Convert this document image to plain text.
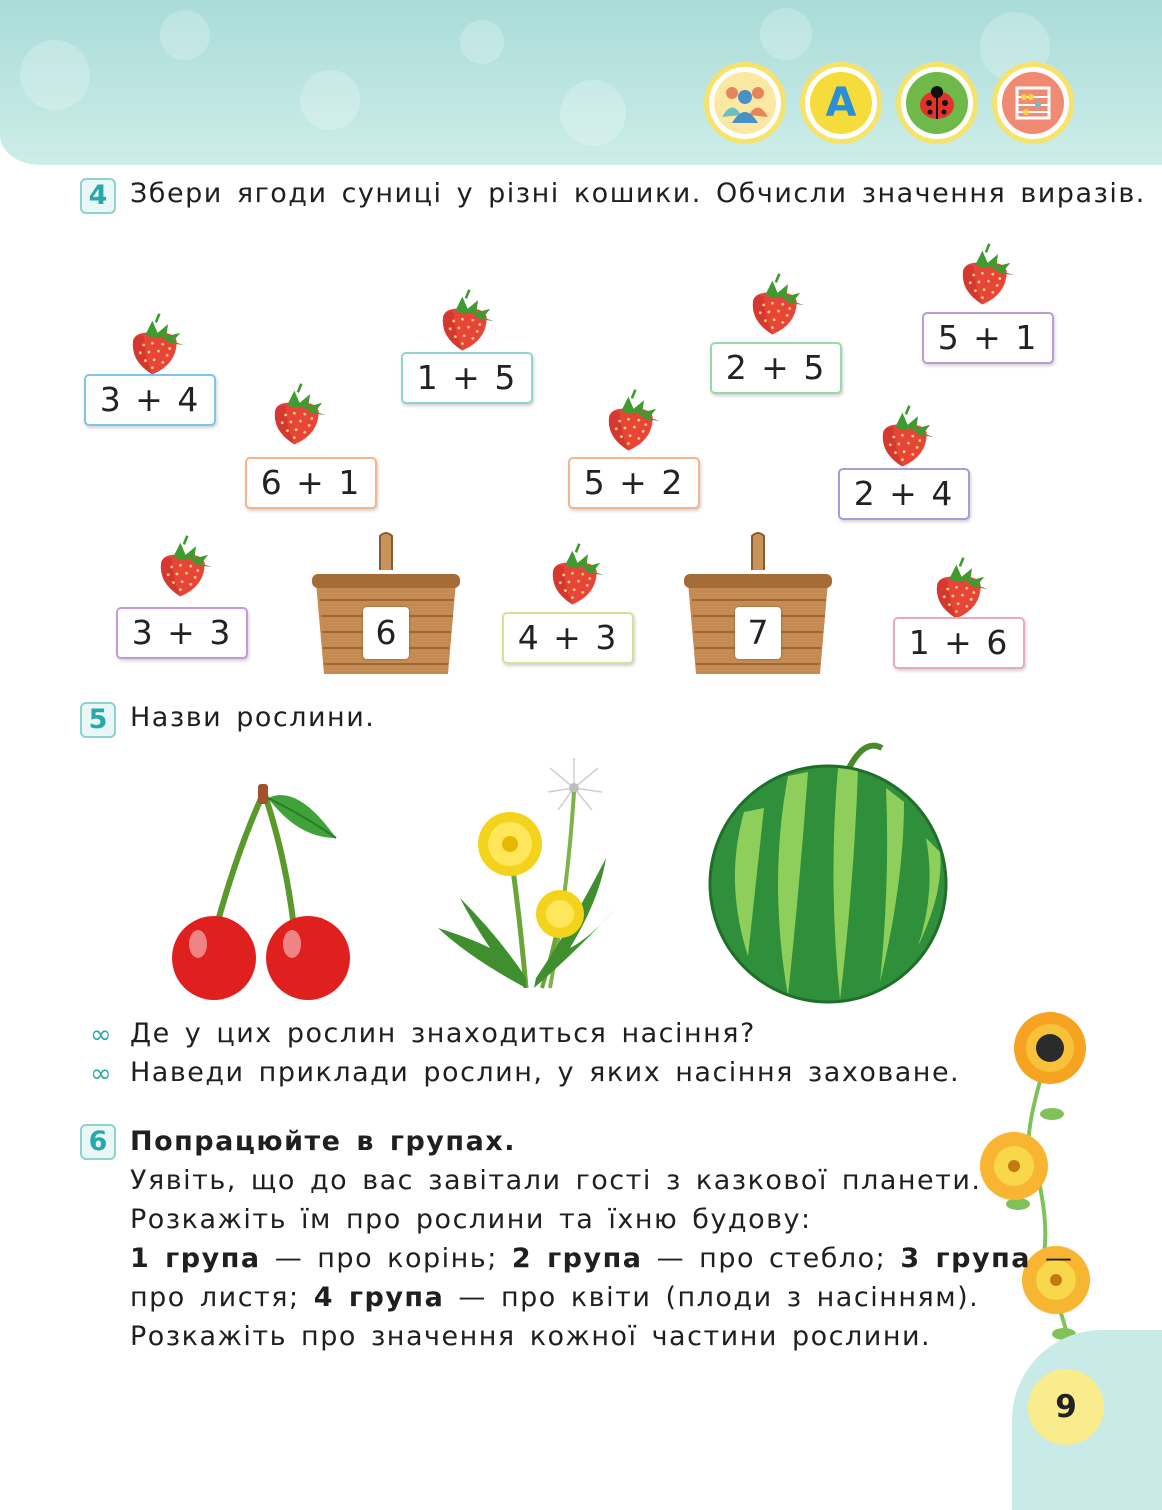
A
4 Збери ягоди суниці у різні кошики. Обчисли значення виразів.
3 + 4
1 + 5	2 + 5
5 + 1
6 + 1	5 + 2	2 + 4
3 + 3	4 + 3	1 + 6
6	7
5 Назви рослини.
∞ Де у цих рослин знаходиться насіння?
∞ Наведи приклади рослин, у яких насіння заховане.
6 Попрацюйте в групах.
Уявіть, що до вас завітали гості з казкової планети.
Розкажіть їм про рослини та їхню будову:
1 група — про корінь; 2 група — про стебло; 3 група —
про листя; 4 група — про квіти (плоди з насінням).
Розкажіть про значення кожної частини рослини.
9
